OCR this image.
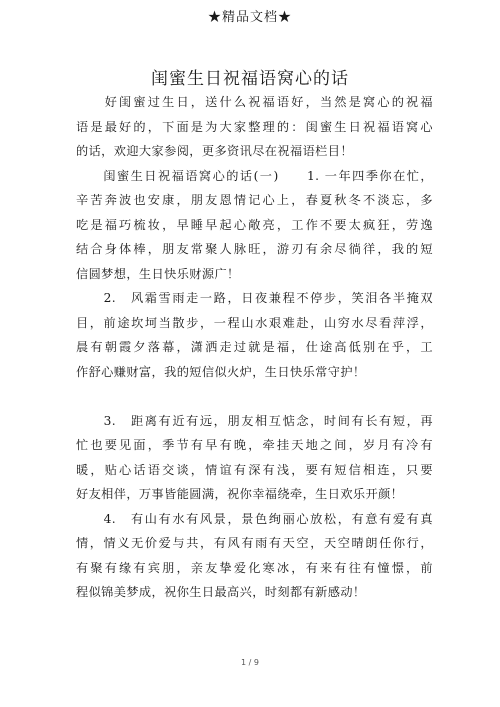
★精品文档★
闺蜜生日祝福语窝心的话
　　好闺蜜过生日，送什么祝福语好，当然是窝心的祝福
语是最好的，下面是为大家整理的：闺蜜生日祝福语窝心
的话，欢迎大家参阅，更多资讯尽在祝福语栏目！
　　闺蜜生日祝福语窝心的话(一)　　1. 一年四季你在忙，
辛苦奔波也安康，朋友恩情记心上，春夏秋冬不淡忘，多
吃是福巧梳妆，早睡早起心敞亮，工作不要太疯狂，劳逸
结合身体棒，朋友常聚人脉旺，游刃有余尽徜徉，我的短
信圆梦想，生日快乐财源广！
　　2.　风霜雪雨走一路，日夜兼程不停步，笑泪各半掩双
目，前途坎坷当散步，一程山水艰难赴，山穷水尽看萍浮，
晨有朝霞夕落幕，潇洒走过就是福，仕途高低别在乎，工
作舒心赚财富，我的短信似火炉，生日快乐常守护！
　　3.　距离有近有远，朋友相互惦念，时间有长有短，再
忙也要见面，季节有早有晚，牵挂天地之间，岁月有冷有
暖，贴心话语交谈，情谊有深有浅，要有短信相连，只要
好友相伴，万事皆能圆满，祝你幸福绕牵，生日欢乐开颜！
　　4.　有山有水有风景，景色绚丽心放松，有意有爱有真
情，情义无价爱与共，有风有雨有天空，天空晴朗任你行，
有聚有缘有宾朋，亲友挚爱化寒冰，有来有往有憧憬，前
程似锦美梦成，祝你生日最高兴，时刻都有新感动！
1 / 9
